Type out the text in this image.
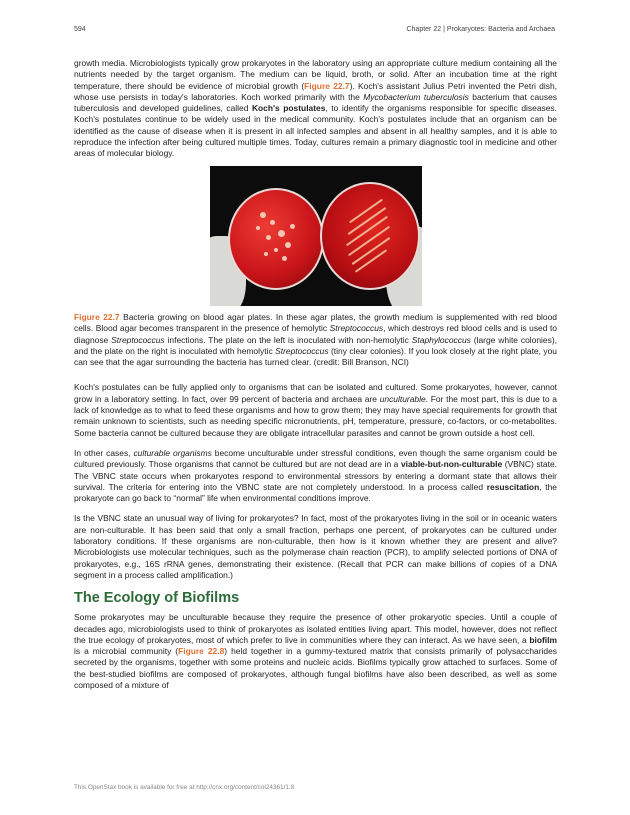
594	Chapter 22 | Prokaryotes: Bacteria and Archaea

growth media. Microbiologists typically grow prokaryotes in the laboratory using an appropriate culture medium containing all the nutrients needed by the target organism. The medium can be liquid, broth, or solid. After an incubation time at the right temperature, there should be evidence of microbial growth (Figure 22.7). Koch's assistant Julius Petri invented the Petri dish, whose use persists in today's laboratories. Koch worked primarily with the Mycobacterium tuberculosis bacterium that causes tuberculosis and developed guidelines, called Koch's postulates, to identify the organisms responsible for specific diseases. Koch's postulates continue to be widely used in the medical community. Koch's postulates include that an organism can be identified as the cause of disease when it is present in all infected samples and absent in all healthy samples, and it is able to reproduce the infection after being cultured multiple times. Today, cultures remain a primary diagnostic tool in medicine and other areas of molecular biology.

Figure 22.7 Bacteria growing on blood agar plates. In these agar plates, the growth medium is supplemented with red blood cells. Blood agar becomes transparent in the presence of hemolytic Streptococcus, which destroys red blood cells and is used to diagnose Streptococcus infections. The plate on the left is inoculated with non-hemolytic Staphylococcus (large white colonies), and the plate on the right is inoculated with hemolytic Streptococcus (tiny clear colonies). If you look closely at the right plate, you can see that the agar surrounding the bacteria has turned clear. (credit: Bill Branson, NCI)

Koch's postulates can be fully applied only to organisms that can be isolated and cultured. Some prokaryotes, however, cannot grow in a laboratory setting. In fact, over 99 percent of bacteria and archaea are unculturable. For the most part, this is due to a lack of knowledge as to what to feed these organisms and how to grow them; they may have special requirements for growth that remain unknown to scientists, such as needing specific micronutrients, pH, temperature, pressure, co-factors, or co-metabolites. Some bacteria cannot be cultured because they are obligate intracellular parasites and cannot be grown outside a host cell.

In other cases, culturable organisms become unculturable under stressful conditions, even though the same organism could be cultured previously. Those organisms that cannot be cultured but are not dead are in a viable-but-non-culturable (VBNC) state. The VBNC state occurs when prokaryotes respond to environmental stressors by entering a dormant state that allows their survival. The criteria for entering into the VBNC state are not completely understood. In a process called resuscitation, the prokaryote can go back to “normal” life when environmental conditions improve.

Is the VBNC state an unusual way of living for prokaryotes? In fact, most of the prokaryotes living in the soil or in oceanic waters are non-culturable. It has been said that only a small fraction, perhaps one percent, of prokaryotes can be cultured under laboratory conditions. If these organisms are non-culturable, then how is it known whether they are present and alive? Microbiologists use molecular techniques, such as the polymerase chain reaction (PCR), to amplify selected portions of DNA of prokaryotes, e.g., 16S rRNA genes, demonstrating their existence. (Recall that PCR can make billions of copies of a DNA segment in a process called amplification.)

The Ecology of Biofilms

Some prokaryotes may be unculturable because they require the presence of other prokaryotic species. Until a couple of decades ago, microbiologists used to think of prokaryotes as isolated entities living apart. This model, however, does not reflect the true ecology of prokaryotes, most of which prefer to live in communities where they can interact. As we have seen, a biofilm is a microbial community (Figure 22.8) held together in a gummy-textured matrix that consists primarily of polysaccharides secreted by the organisms, together with some proteins and nucleic acids. Biofilms typically grow attached to surfaces. Some of the best-studied biofilms are composed of prokaryotes, although fungal biofilms have also been described, as well as some composed of a mixture of

This OpenStax book is available for free at http://cnx.org/content/col24361/1.8
